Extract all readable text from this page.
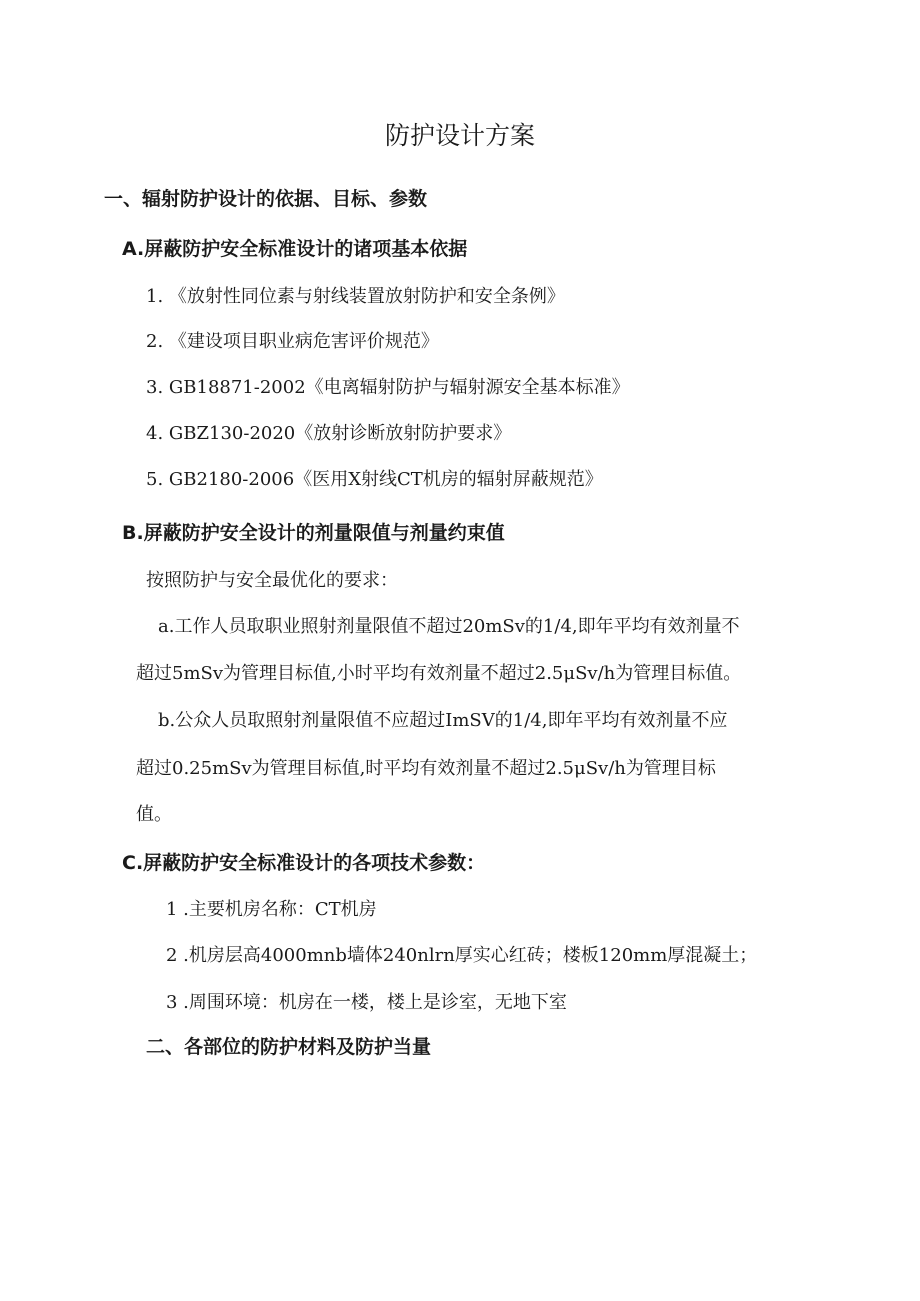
防护设计方案
一、辐射防护设计的依据、目标、参数
A.屏蔽防护安全标准设计的诸项基本依据
1. 《放射性同位素与射线装置放射防护和安全条例》
2. 《建设项目职业病危害评价规范》
3. GB18871-2002《电离辐射防护与辐射源安全基本标准》
4. GBZ130-2020《放射诊断放射防护要求》
5. GB2180-2006《医用X射线CT机房的辐射屏蔽规范》
B.屏蔽防护安全设计的剂量限值与剂量约束值
按照防护与安全最优化的要求：
a.工作人员取职业照射剂量限值不超过20mSv的1/4,即年平均有效剂量不
超过5mSv为管理目标值,小时平均有效剂量不超过2.5μSv/h为管理目标值。
b.公众人员取照射剂量限值不应超过ImSV的1/4,即年平均有效剂量不应
超过0.25mSv为管理目标值,时平均有效剂量不超过2.5μSv/h为管理目标
值。
C.屏蔽防护安全标准设计的各项技术参数：
1 .主要机房名称：CT机房
2 .机房层高4000mnb墙体240nlrn厚实心红砖；楼板120mm厚混凝土；
3 .周围环境：机房在一楼，楼上是诊室，无地下室
二、各部位的防护材料及防护当量
